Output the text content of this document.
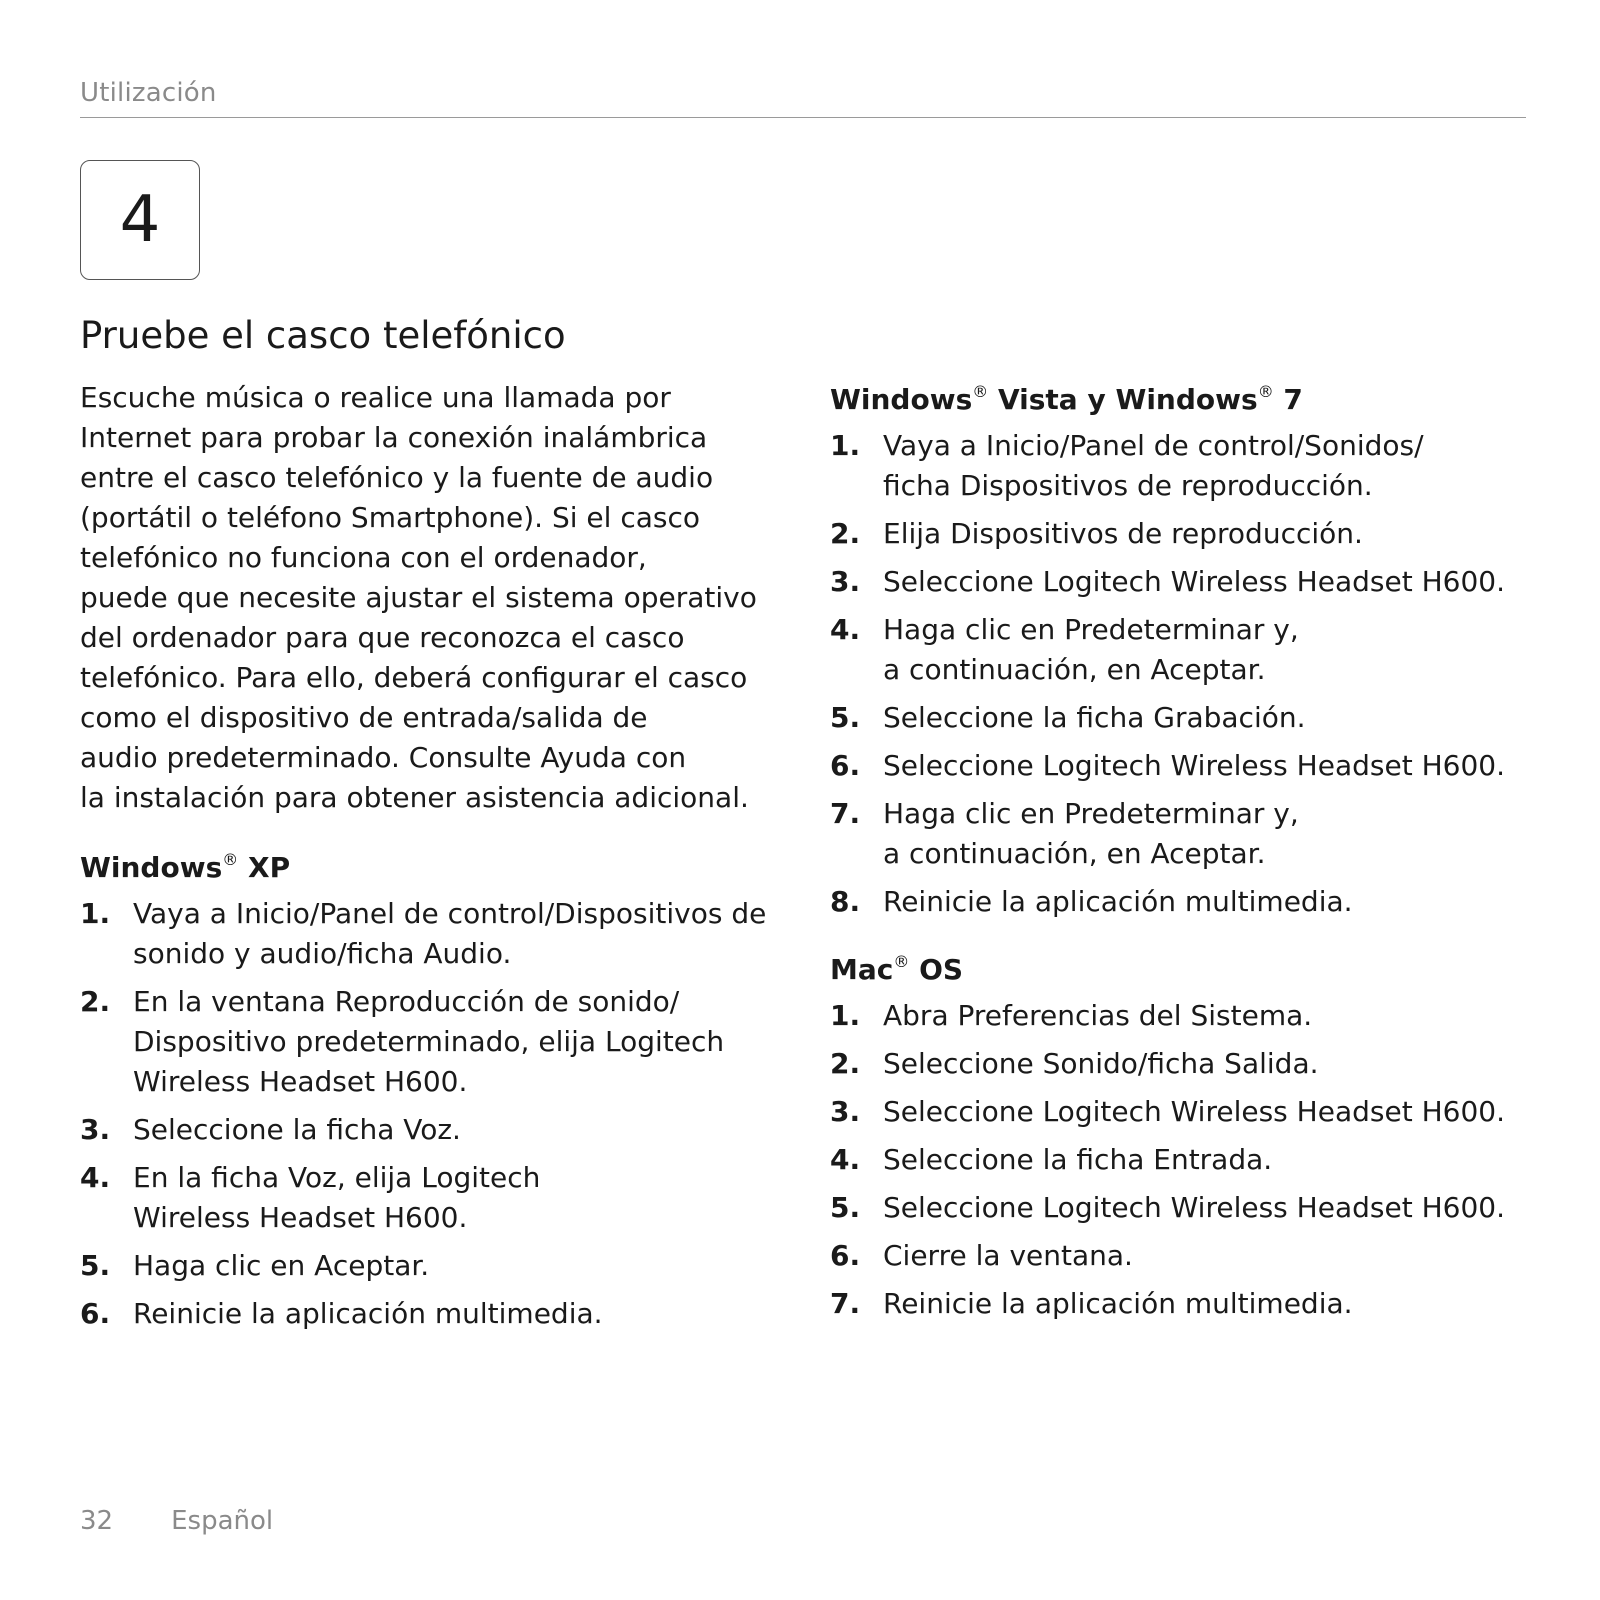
Utilización
4
Pruebe el casco telefónico

Escuche música o realice una llamada por
Internet para probar la conexión inalámbrica
entre el casco telefónico y la fuente de audio
(portátil o teléfono Smartphone). Si el casco
telefónico no funciona con el ordenador,
puede que necesite ajustar el sistema operativo
del ordenador para que reconozca el casco
telefónico. Para ello, deberá configurar el casco
como el dispositivo de entrada/salida de
audio predeterminado. Consulte Ayuda con
la instalación para obtener asistencia adicional.

Windows® XP
1. Vaya a Inicio/Panel de control/Dispositivos de
sonido y audio/ficha Audio.
2. En la ventana Reproducción de sonido/
Dispositivo predeterminado, elija Logitech
Wireless Headset H600.
3. Seleccione la ficha Voz.
4. En la ficha Voz, elija Logitech
Wireless Headset H600.
5. Haga clic en Aceptar.
6. Reinicie la aplicación multimedia.
Windows® Vista y Windows® 7
1. Vaya a Inicio/Panel de control/Sonidos/
ficha Dispositivos de reproducción.
2. Elija Dispositivos de reproducción.
3. Seleccione Logitech Wireless Headset H600.
4. Haga clic en Predeterminar y,
a continuación, en Aceptar.
5. Seleccione la ficha Grabación.
6. Seleccione Logitech Wireless Headset H600.
7. Haga clic en Predeterminar y,
a continuación, en Aceptar.
8. Reinicie la aplicación multimedia.
Mac® OS
1. Abra Preferencias del Sistema.
2. Seleccione Sonido/ficha Salida.
3. Seleccione Logitech Wireless Headset H600.
4. Seleccione la ficha Entrada.
5. Seleccione Logitech Wireless Headset H600.
6. Cierre la ventana.
7. Reinicie la aplicación multimedia.
32 Español
